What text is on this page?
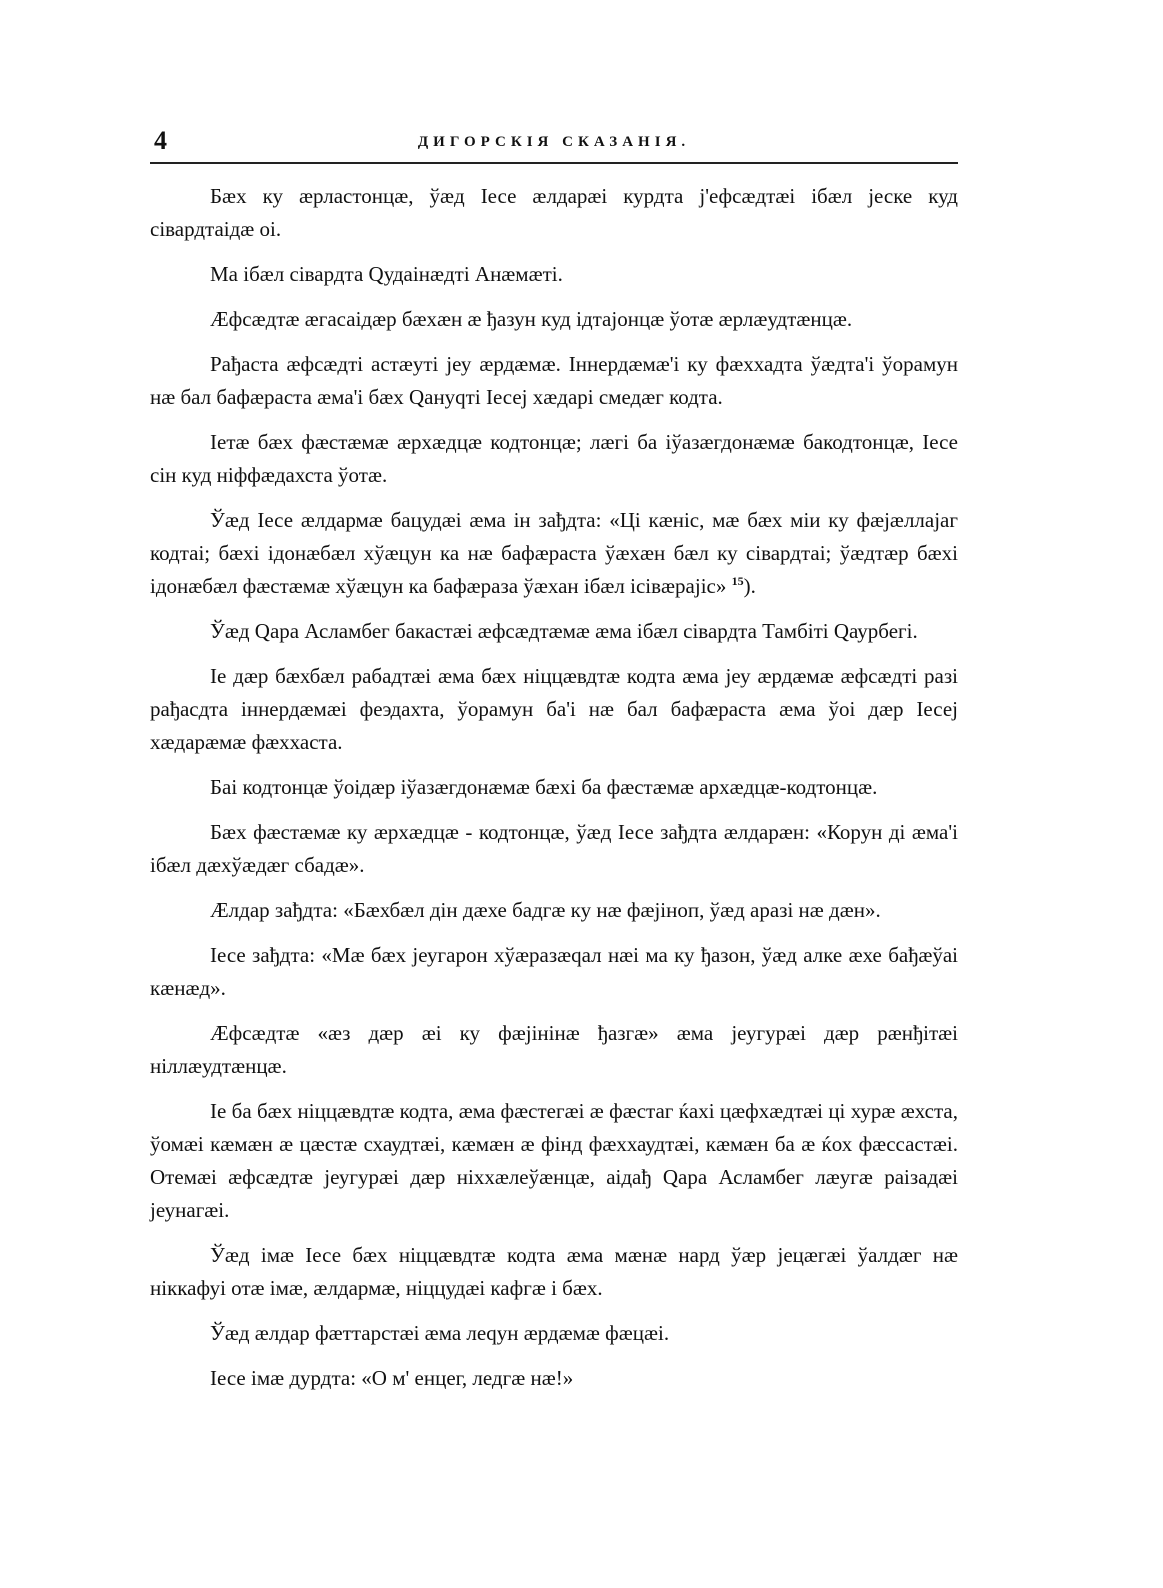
4	ДИГОРСКІЯ СКАЗАНІЯ.

Бæх ку æрластонцæ, ўæд Iесе æлдарæі курдта j'ефсæдтæі ібæл jеске куд сівардтаідæ оі.

Ма ібæл сівардта Qудаінæдті Анæмæті.

Æфсæдтæ æгасаідæр бæхæн æ ђазун куд ідтаjонцæ ўотæ æрлæудтæнцæ.

Рађаста æфсæдті астæуті jеу æрдæмæ. Іннердæмæ'і ку фæххадта ўæдта'і ўорамун нæ бал бафæраста æма'і бæх Qануqті Iесеj хæдарі смедæг кодта.

Iетæ бæх фæстæмæ æрхæдцæ кодтонцæ; лæгі ба іўазæгдонæмæ бакодтонцæ, Iесе сін куд ніффæдахста ўотæ.

Ўæд Iесе æлдармæ бацудæі æма ін зађдта: «Ці кæніс, мæ бæх міи ку фæjæллаjаг кодтаі; бæхі ідонæбæл хўæцун ка нæ бафæраста ўæхæн бæл ку сівардтаі; ўæдтæр бæхі ідонæбæл фæстæмæ хўæцун ка бафæраза ўæхан ібæл ісівæраjіс» $^{15}$).

Ўæд Qара Асламбег бакастæі æфсæдтæмæ æма ібæл сівардта Тамбіті Qаурбегі.

Iе дæр бæхбæл рабадтæі æма бæх ніццæвдтæ кодта æма jеу æрдæмæ æфсæдті разі рађасдта іннердæмæі феэдахта, ўорамун ба'і нæ бал бафæраста æма ўоі дæр Iесеj хæдарæмæ фæххаста.

Баі кодтонцæ ўоідæр іўазæгдонæмæ бæхі ба фæстæмæ архæдцæ-кодтонцæ.

Бæх фæстæмæ ку æрхæдцæ - кодтонцæ, ўæд Iесе зађдта æлдарæн: «Корун ді æма'і ібæл дæхўæдæг сбадæ».

Æлдар зађдта: «Бæхбæл дін дæхе бадгæ ку нæ фæjіноп, ўæд аразі нæ дæн».

Iесе зађдта: «Мæ бæх jеугарон хўæразæqал нæі ма ку ђазон, ўæд алке æхе бађæўаі кæнæд».

Æфсæдтæ «æз дæр æі ку фæjінінæ ђазгæ» æма jеугурæі дæр рæнђітæі ніллæудтæнцæ.

Iе ба бæх ніццæвдтæ кодта, æма фæстегæі æ фæстаг ќахі цæфхæдтæі ці хурæ æхста, ўомæі кæмæн æ цæстæ схаудтæі, кæмæн æ фінд фæххаудтæі, кæмæн ба æ ќох фæссастæі. Отемæі æфсæдтæ jеугурæі дæр ніххæлеўæнцæ, аідађ Qара Асламбег лæугæ раізадæі jеунагæі.

Ўæд імæ Iесе бæх ніццæвдтæ кодта æма мæнæ нард ўæр jецæгæі ўалдæг нæ ніккафуі отæ імæ, æлдармæ, ніццудæі кафгæ і бæх.

Ўæд æлдар фæттарстæі æма леqун æрдæмæ фæцæі.

Iесе імæ дурдта: «О м' енцег, ледгæ нæ!»
